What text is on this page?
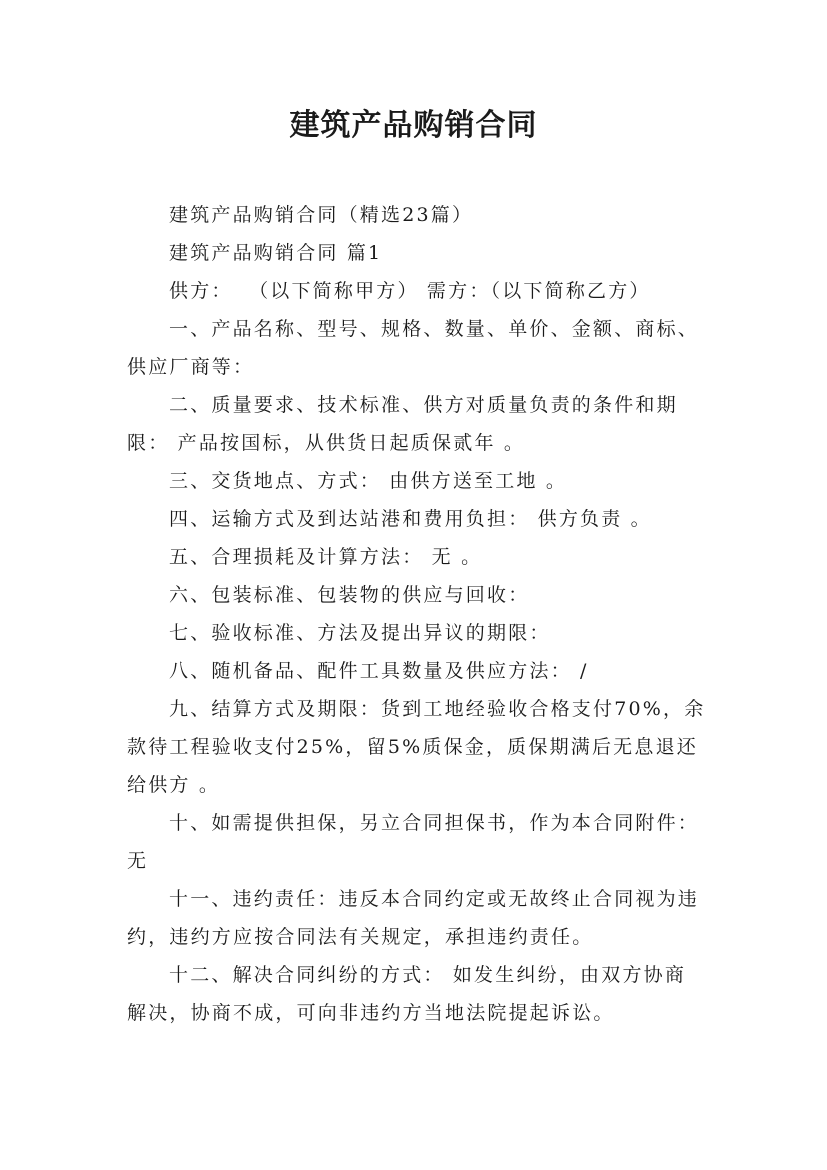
建筑产品购销合同

建筑产品购销合同（精选23篇）

建筑产品购销合同 篇1

供方：  （以下简称甲方） 需方：（以下简称乙方）

一、产品名称、型号、规格、数量、单价、金额、商标、供应厂商等：

二、质量要求、技术标准、供方对质量负责的条件和期限： 产品按国标，从供货日起质保贰年 。

三、交货地点、方式： 由供方送至工地 。

四、运输方式及到达站港和费用负担： 供方负责 。

五、合理损耗及计算方法： 无 。

六、包装标准、包装物的供应与回收：

七、验收标准、方法及提出异议的期限：

八、随机备品、配件工具数量及供应方法： /

九、结算方式及期限：货到工地经验收合格支付70%，余款待工程验收支付25%，留5%质保金，质保期满后无息退还给供方 。

十、如需提供担保，另立合同担保书，作为本合同附件：无

十一、违约责任：违反本合同约定或无故终止合同视为违约，违约方应按合同法有关规定，承担违约责任。

十二、解决合同纠纷的方式： 如发生纠纷，由双方协商解决，协商不成，可向非违约方当地法院提起诉讼。
